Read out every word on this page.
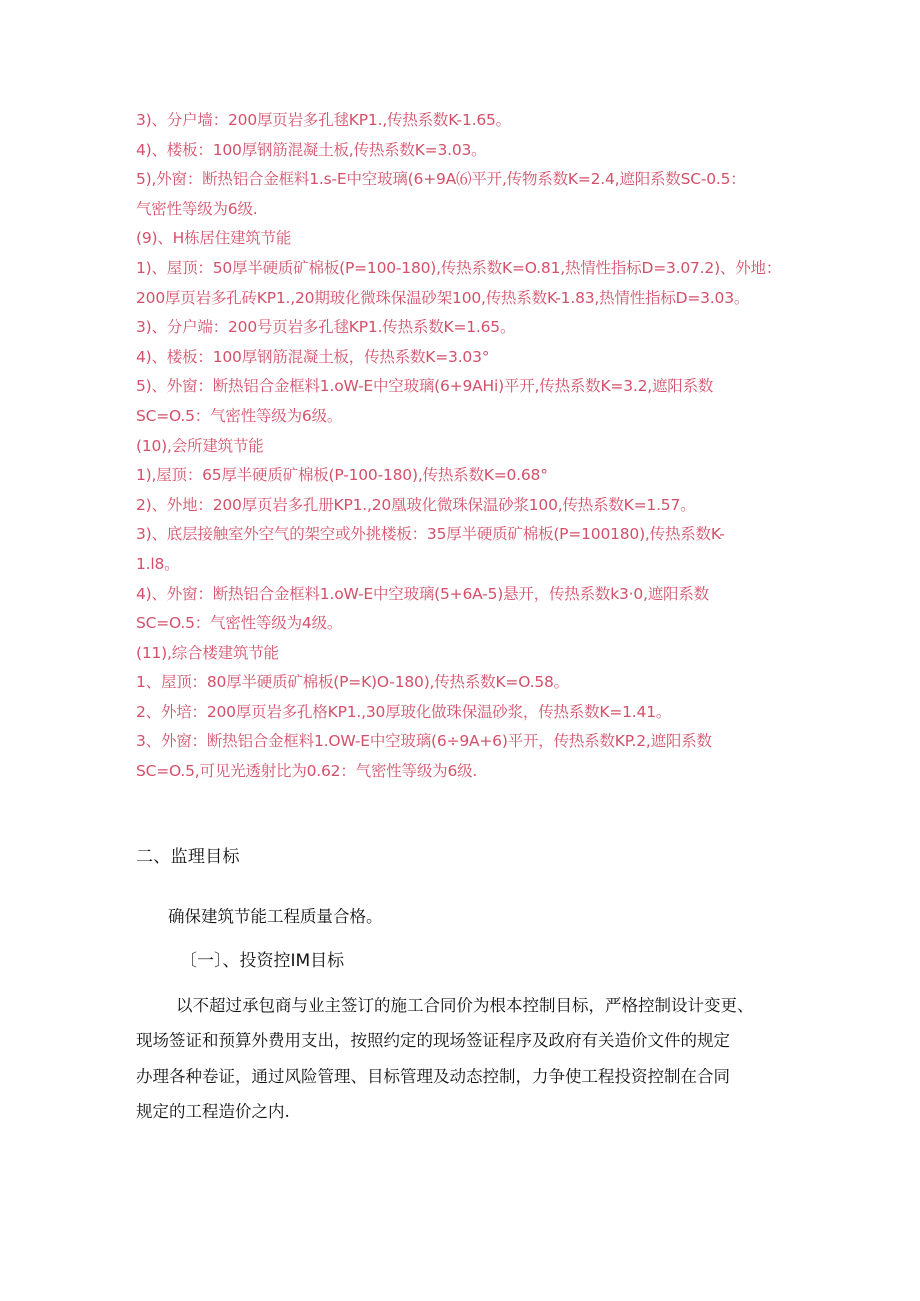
3)、分户墙：200厚页岩多孔毬KP1.,传热系数K-1.65。
4)、楼板：100厚钢筋混凝土板,传热系数K=3.03。
5),外窗：断热铝合金框料1.s-E中空玻璃(6+9A⑹平开,传物系数K=2.4,遮阳系数SC-0.5：
气密性等级为6级.
(9)、H栋居住建筑节能
1)、屋顶：50厚半硬质矿棉板(P=100-180),传热系数K=O.81,热情性指标D=3.07.2)、外地：
200厚页岩多孔砖KP1.,20期玻化微珠保温砂架100,传热系数K-1.83,热情性指标D=3.03。
3)、分户端：200号页岩多孔毬KP1.传热系数K=1.65。
4)、楼板：100厚钢筋混凝土板，传热系数K=3.03°
5)、外窗：断热铝合金框料1.oW-E中空玻璃(6+9AHi)平开,传热系数K=3.2,遮阳系数
SC=O.5：气密性等级为6级。
(10),会所建筑节能
1),屋顶：65厚半硬质矿棉板(P-100-180),传热系数K=0.68°
2)、外地：200厚页岩多孔册KP1.,20凰玻化微珠保温砂浆100,传热系数K=1.57。
3)、底层接触室外空气的架空或外挑楼板：35厚半硬质矿棉板(P=100180),传热系数K-
1.l8。
4)、外窗：断热铝合金框料1.oW-E中空玻璃(5+6A-5)悬开，传热系数k3·0,遮阳系数
SC=O.5：气密性等级为4级。
(11),综合楼建筑节能
1、屋顶：80厚半硬质矿棉板(P=K)O-180),传热系数K=O.58。
2、外培：200厚页岩多孔格KP1.,30厚玻化做珠保温砂浆，传热系数K=1.41。
3、外窗：断热铝合金框料1.OW-E中空玻璃(6÷9A+6)平开，传热系数KP.2,遮阳系数
SC=O.5,可见光透射比为0.62：气密性等级为6级.
二、监理目标
确保建筑节能工程质量合格。
〔一〕、投资控IM目标
以不超过承包商与业主签订的施工合同价为根本控制目标，严格控制设计变更、
现场签证和预算外费用支出，按照约定的现场签证程序及政府有关造价文件的规定
办理各种卷证，通过风险管理、目标管理及动态控制，力争使工程投资控制在合同
规定的工程造价之内.
